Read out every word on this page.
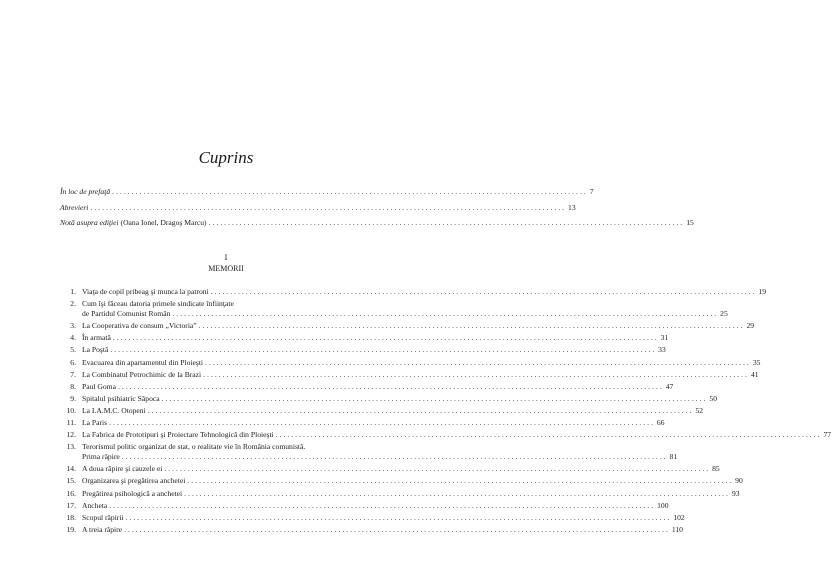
Cuprins
În loc de prefaţă .......................................................................................................................... 7
Abrevieri .......................................................................................................................... 13
Notă asupra ediţiei (Oana Ionel, Dragoş Marcu) .......................................................................................................................... 15
I
MEMORII
1. Viaţa de copil pribeag şi munca la patroni ............................................................................................................................................ 19
2. Cum îşi făceau datoria primele sindicate înfiinţate
de Partidul Comunist Român ............................................................................................................................................ 25
3. La Cooperativa de consum „Victoria” ............................................................................................................................................ 29
4. În armată ............................................................................................................................................ 31
5. La Poştă ............................................................................................................................................ 33
6. Evacuarea din apartamentul din Ploieşti ............................................................................................................................................ 35
7. La Combinatul Petrochimic de la Brazi ............................................................................................................................................ 41
8. Paul Goma ............................................................................................................................................ 47
9. Spitalul psihiatric Săpoca ............................................................................................................................................ 50
10. La I.A.M.C. Otopeni ............................................................................................................................................ 52
11. La Paris ............................................................................................................................................ 66
12. La Fabrica de Prototipuri şi Proiectare Tehnologică din Ploieşti ............................................................................................................................................ 77
13. Terorismul politic organizat de stat, o realitate vie în România comunistă.
Prima răpire ............................................................................................................................................ 81
14. A doua răpire şi cauzele ei ............................................................................................................................................ 85
15. Organizarea şi pregătirea anchetei ............................................................................................................................................ 90
16. Pregătirea psihologică a anchetei ............................................................................................................................................ 93
17. Ancheta ............................................................................................................................................ 100
18. Scopul răpirii ............................................................................................................................................ 102
19. A treia răpire ............................................................................................................................................ 110
